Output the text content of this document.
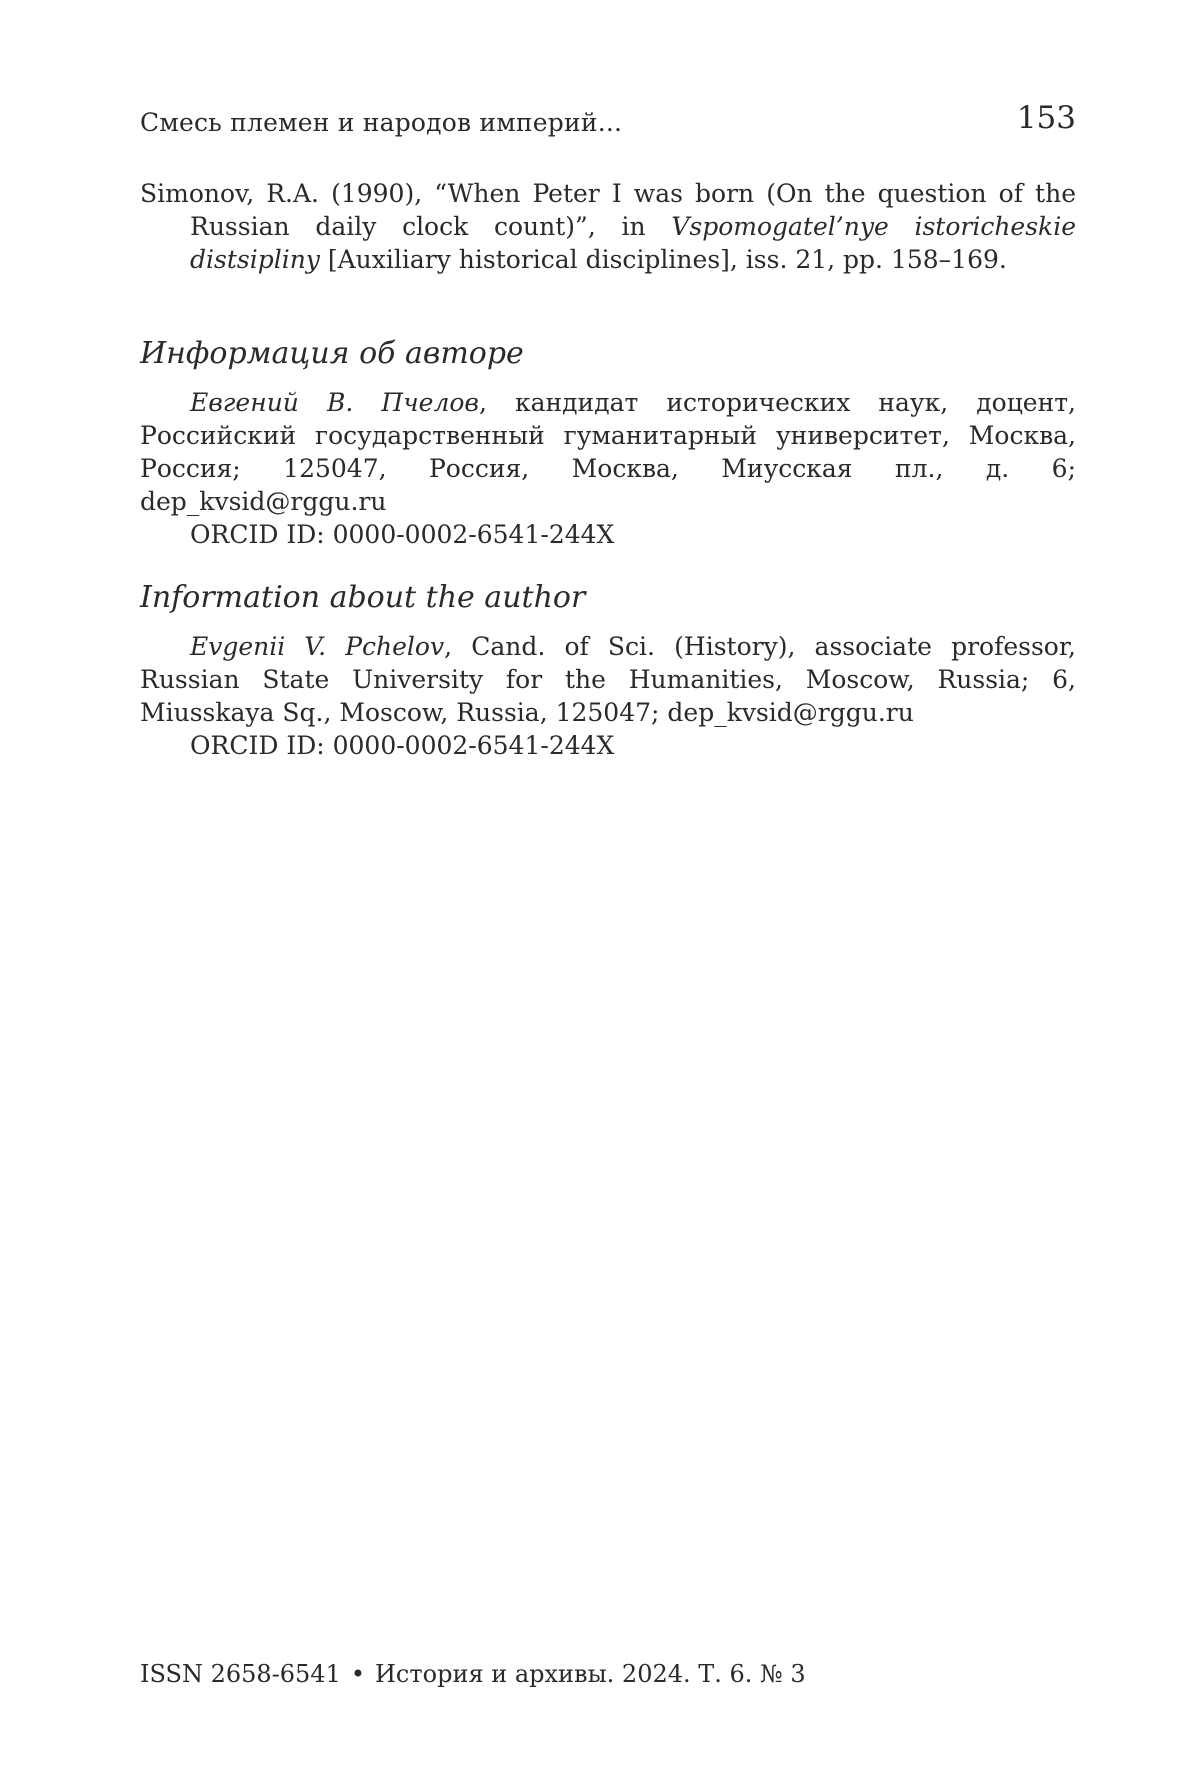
Смесь племен и народов империй...	153

Simonov, R.A. (1990), “When Peter I was born (On the question of the Russian daily clock count)”, in Vspomogatel’nye istoricheskie distsipliny [Auxiliary historical disciplines], iss. 21, pp. 158–169.

Информация об авторе

Евгений В. Пчелов, кандидат исторических наук, доцент, Российский государственный гуманитарный университет, Москва, Россия; 125047, Россия, Москва, Миусская пл., д. 6; dep_kvsid@rggu.ru

ORCID ID: 0000-0002-6541-244X

Information about the author

Evgenii V. Pchelov, Cand. of Sci. (History), associate professor, Russian State University for the Humanities, Moscow, Russia; 6, Miusskaya Sq., Moscow, Russia, 125047; dep_kvsid@rggu.ru

ORCID ID: 0000-0002-6541-244X

ISSN 2658-6541 • История и архивы. 2024. Т. 6. № 3
